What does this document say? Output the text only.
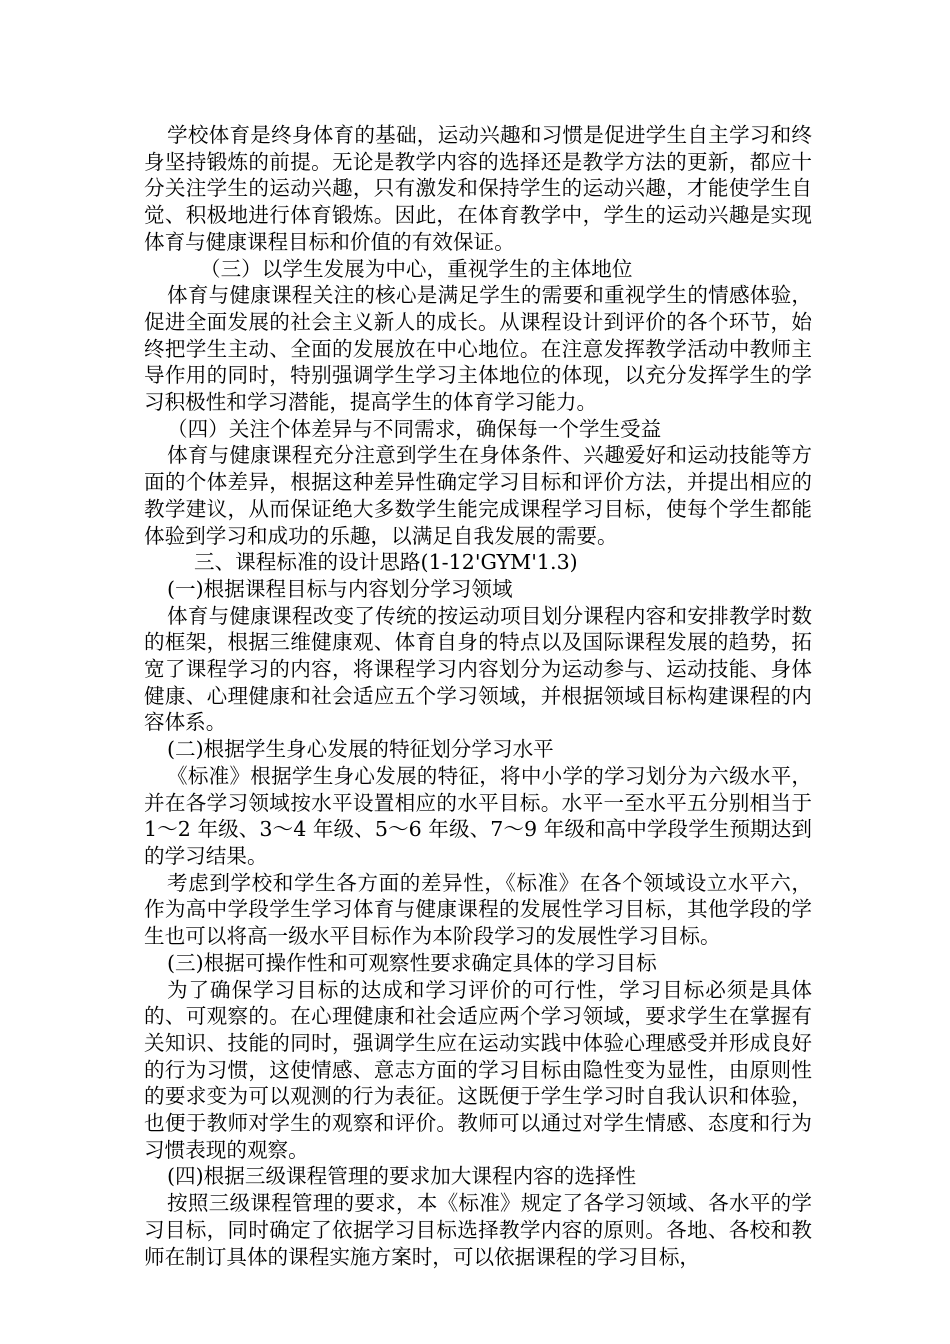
学校体育是终身体育的基础，运动兴趣和习惯是促进学生自主学习和终身坚持锻炼的前提。无论是教学内容的选择还是教学方法的更新，都应十分关注学生的运动兴趣，只有激发和保持学生的运动兴趣，才能使学生自觉、积极地进行体育锻炼。因此，在体育教学中，学生的运动兴趣是实现体育与健康课程目标和价值的有效保证。

（三）以学生发展为中心，重视学生的主体地位

体育与健康课程关注的核心是满足学生的需要和重视学生的情感体验，促进全面发展的社会主义新人的成长。从课程设计到评价的各个环节，始终把学生主动、全面的发展放在中心地位。在注意发挥教学活动中教师主导作用的同时，特别强调学生学习主体地位的体现，以充分发挥学生的学习积极性和学习潜能，提高学生的体育学习能力。

（四）关注个体差异与不同需求，确保每一个学生受益

体育与健康课程充分注意到学生在身体条件、兴趣爱好和运动技能等方面的个体差异，根据这种差异性确定学习目标和评价方法，并提出相应的教学建议，从而保证绝大多数学生能完成课程学习目标，使每个学生都能体验到学习和成功的乐趣，以满足自我发展的需要。

三、课程标准的设计思路(1-12'GYM'1.3)

(一)根据课程目标与内容划分学习领域

体育与健康课程改变了传统的按运动项目划分课程内容和安排教学时数的框架，根据三维健康观、体育自身的特点以及国际课程发展的趋势，拓宽了课程学习的内容，将课程学习内容划分为运动参与、运动技能、身体健康、心理健康和社会适应五个学习领域，并根据领域目标构建课程的内容体系。

(二)根据学生身心发展的特征划分学习水平

《标准》根据学生身心发展的特征，将中小学的学习划分为六级水平，并在各学习领域按水平设置相应的水平目标。水平一至水平五分别相当于 1～2 年级、3～4 年级、5～6 年级、7～9 年级和高中学段学生预期达到的学习结果。

考虑到学校和学生各方面的差异性，《标准》在各个领域设立水平六，作为高中学段学生学习体育与健康课程的发展性学习目标，其他学段的学生也可以将高一级水平目标作为本阶段学习的发展性学习目标。

(三)根据可操作性和可观察性要求确定具体的学习目标

为了确保学习目标的达成和学习评价的可行性，学习目标必须是具体的、可观察的。在心理健康和社会适应两个学习领域，要求学生在掌握有关知识、技能的同时，强调学生应在运动实践中体验心理感受并形成良好的行为习惯，这使情感、意志方面的学习目标由隐性变为显性，由原则性的要求变为可以观测的行为表征。这既便于学生学习时自我认识和体验，也便于教师对学生的观察和评价。教师可以通过对学生情感、态度和行为习惯表现的观察。

(四)根据三级课程管理的要求加大课程内容的选择性

按照三级课程管理的要求，本《标准》规定了各学习领域、各水平的学习目标，同时确定了依据学习目标选择教学内容的原则。各地、各校和教师在制订具体的课程实施方案时，可以依据课程的学习目标，
